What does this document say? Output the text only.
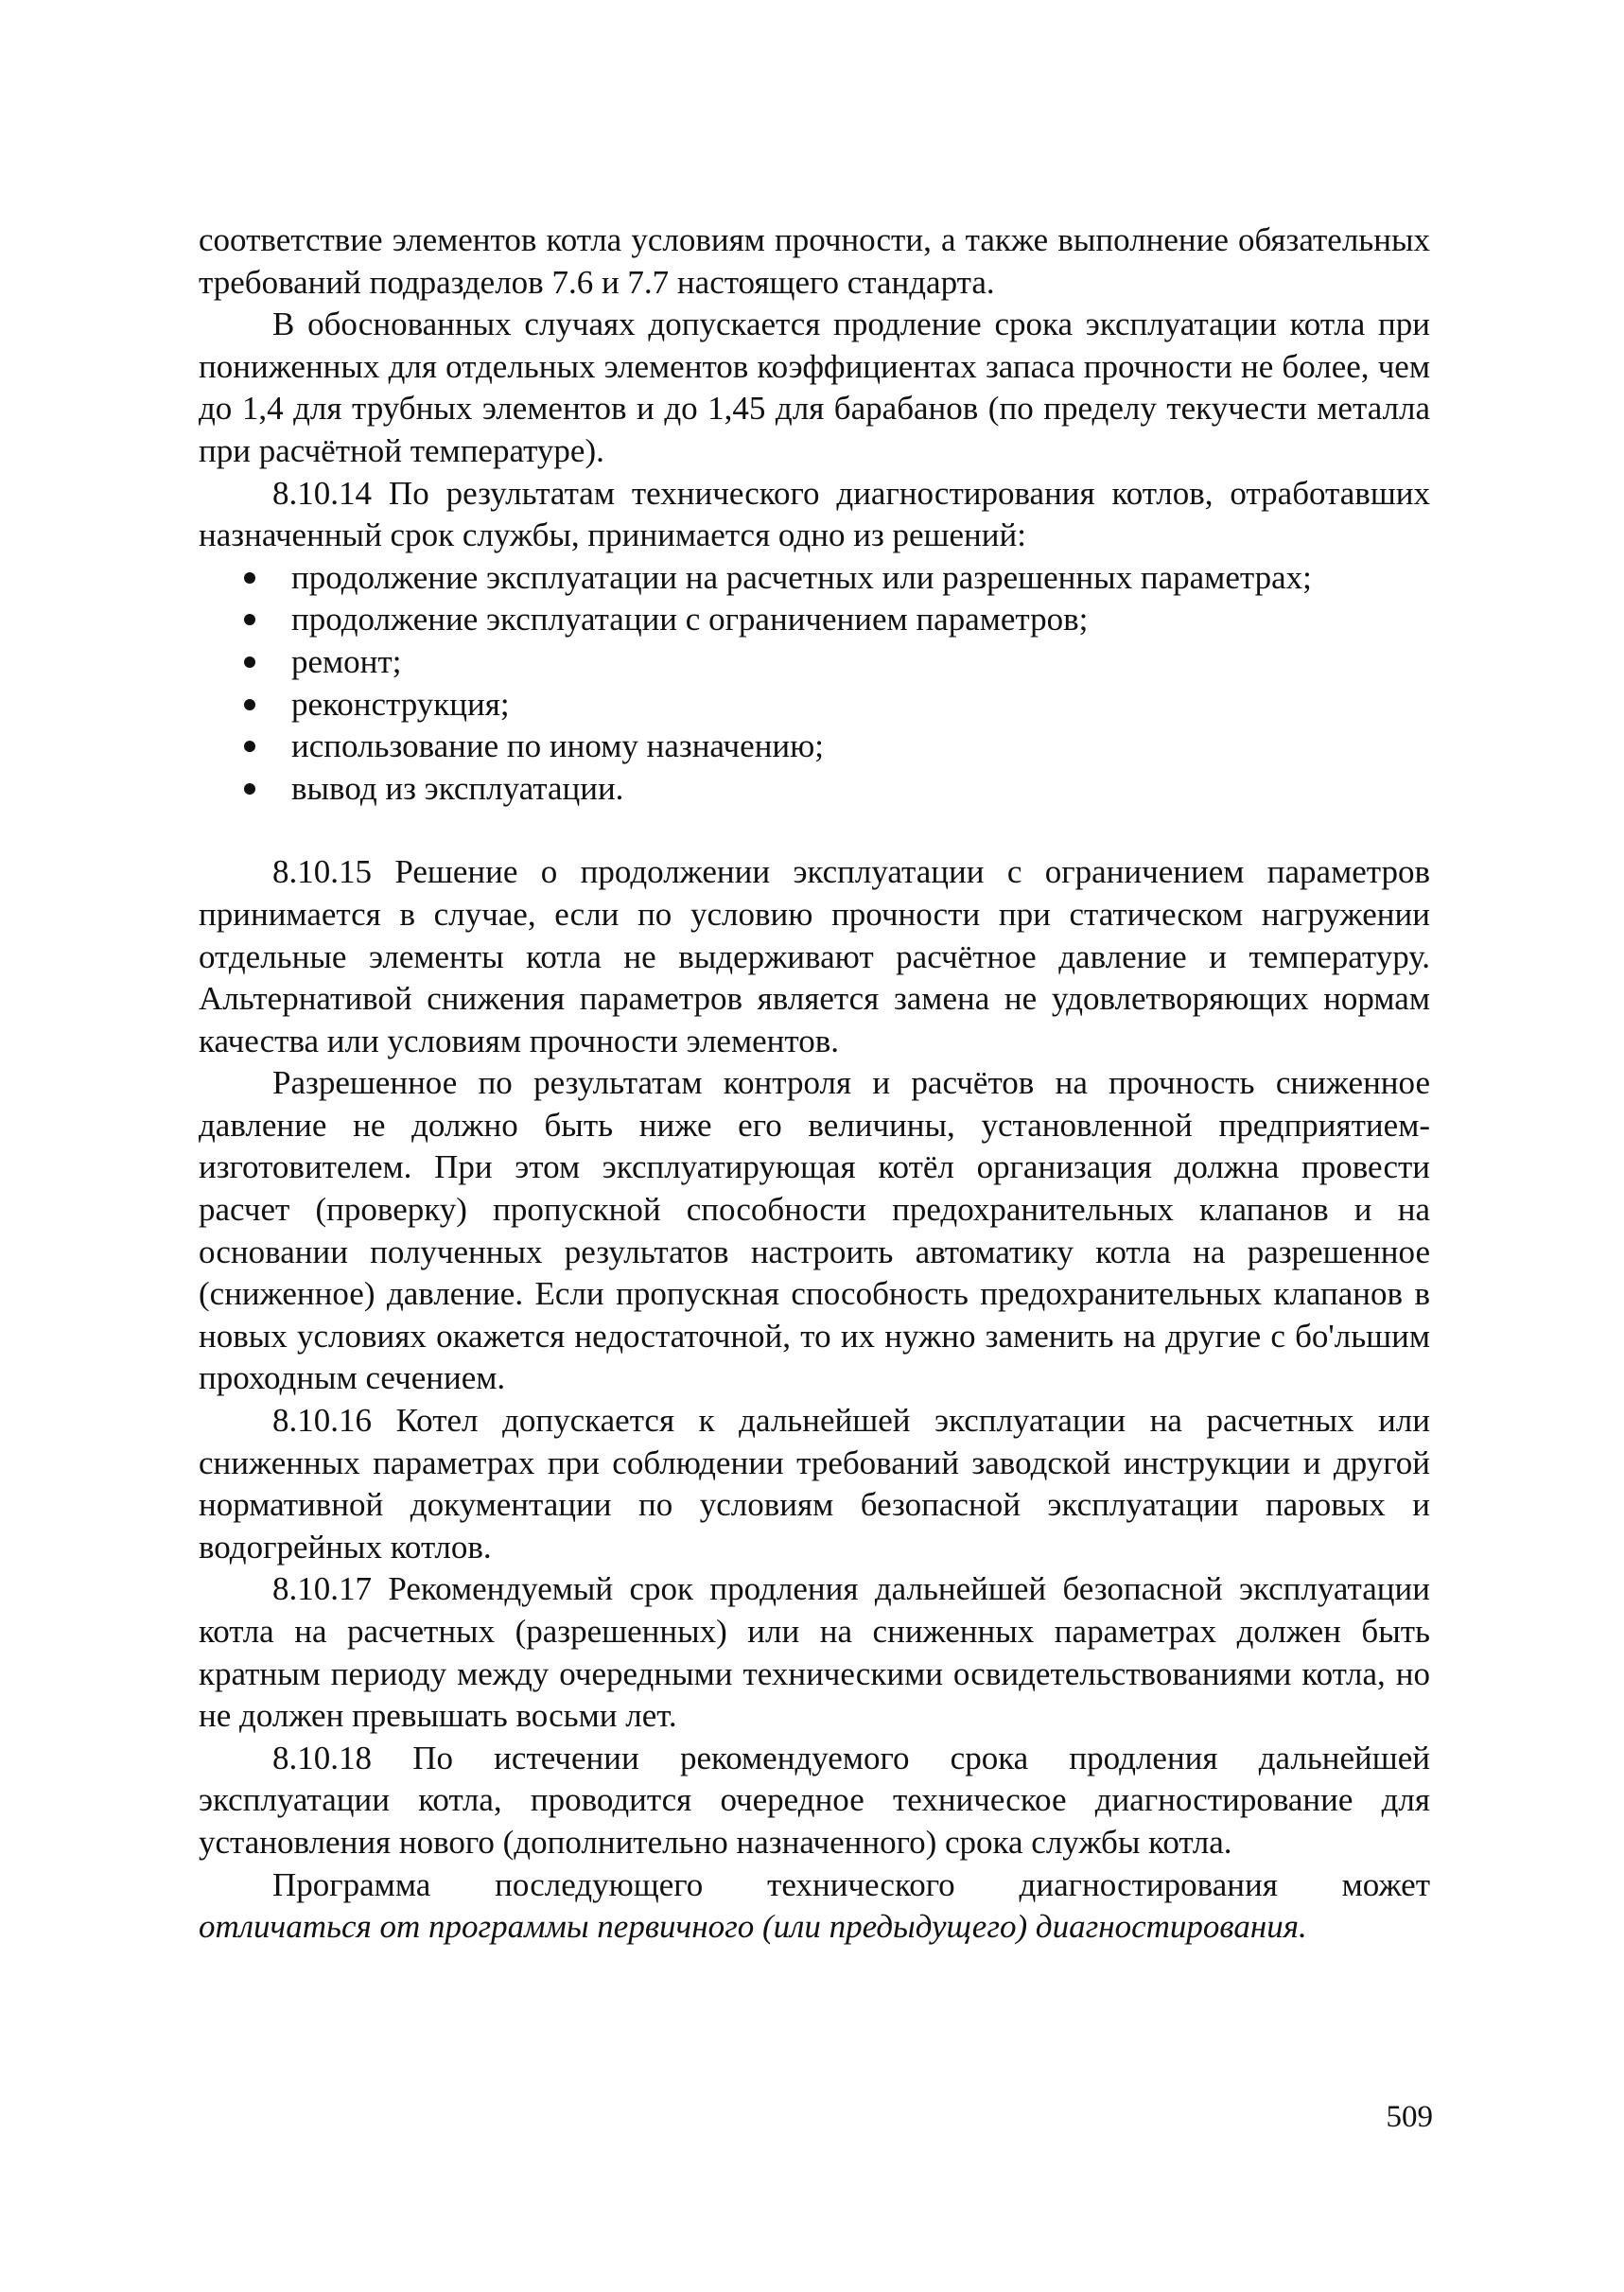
соответствие элементов котла условиям прочности, а также выполнение обязательных требований подразделов 7.6 и 7.7 настоящего стандарта.

В обоснованных случаях допускается продление срока эксплуатации котла при пониженных для отдельных элементов коэффициентах запаса прочности не более, чем до 1,4 для трубных элементов и до 1,45 для барабанов (по пределу текучести металла при расчётной температуре).

8.10.14 По результатам технического диагностирования котлов, отработавших назначенный срок службы, принимается одно из решений:

продолжение эксплуатации на расчетных или разрешенных параметрах;
продолжение эксплуатации с ограничением параметров;
ремонт;
реконструкция;
использование по иному назначению;
вывод из эксплуатации.

8.10.15 Решение о продолжении эксплуатации с ограничением параметров принимается в случае, если по условию прочности при статическом нагружении отдельные элементы котла не выдерживают расчётное давление и температуру. Альтернативой снижения параметров является замена не удовлетворяющих нормам качества или условиям прочности элементов.

Разрешенное по результатам контроля и расчётов на прочность сниженное давление не должно быть ниже его величины, установленной предприятием-изготовителем. При этом эксплуатирующая котёл организация должна провести расчет (проверку) пропускной способности предохранительных клапанов и на основании полученных результатов настроить автоматику котла на разрешенное (сниженное) давление. Если пропускная способность предохранительных клапанов в новых условиях окажется недостаточной, то их нужно заменить на другие с бо'льшим проходным сечением.

8.10.16 Котел допускается к дальнейшей эксплуатации на расчетных или сниженных параметрах при соблюдении требований заводской инструкции и другой нормативной документации по условиям безопасной эксплуатации паровых и водогрейных котлов.

8.10.17 Рекомендуемый срок продления дальнейшей безопасной эксплуатации котла на расчетных (разрешенных) или на сниженных параметрах должен быть кратным периоду между очередными техническими освидетельствованиями котла, но не должен превышать восьми лет.

8.10.18 По истечении рекомендуемого срока продления дальнейшей эксплуатации котла, проводится очередное техническое диагностирование для установления нового (дополнительно назначенного) срока службы котла.

Программа последующего технического диагностирования может

отличаться от программы первичного (или предыдущего) диагностирования.

509
